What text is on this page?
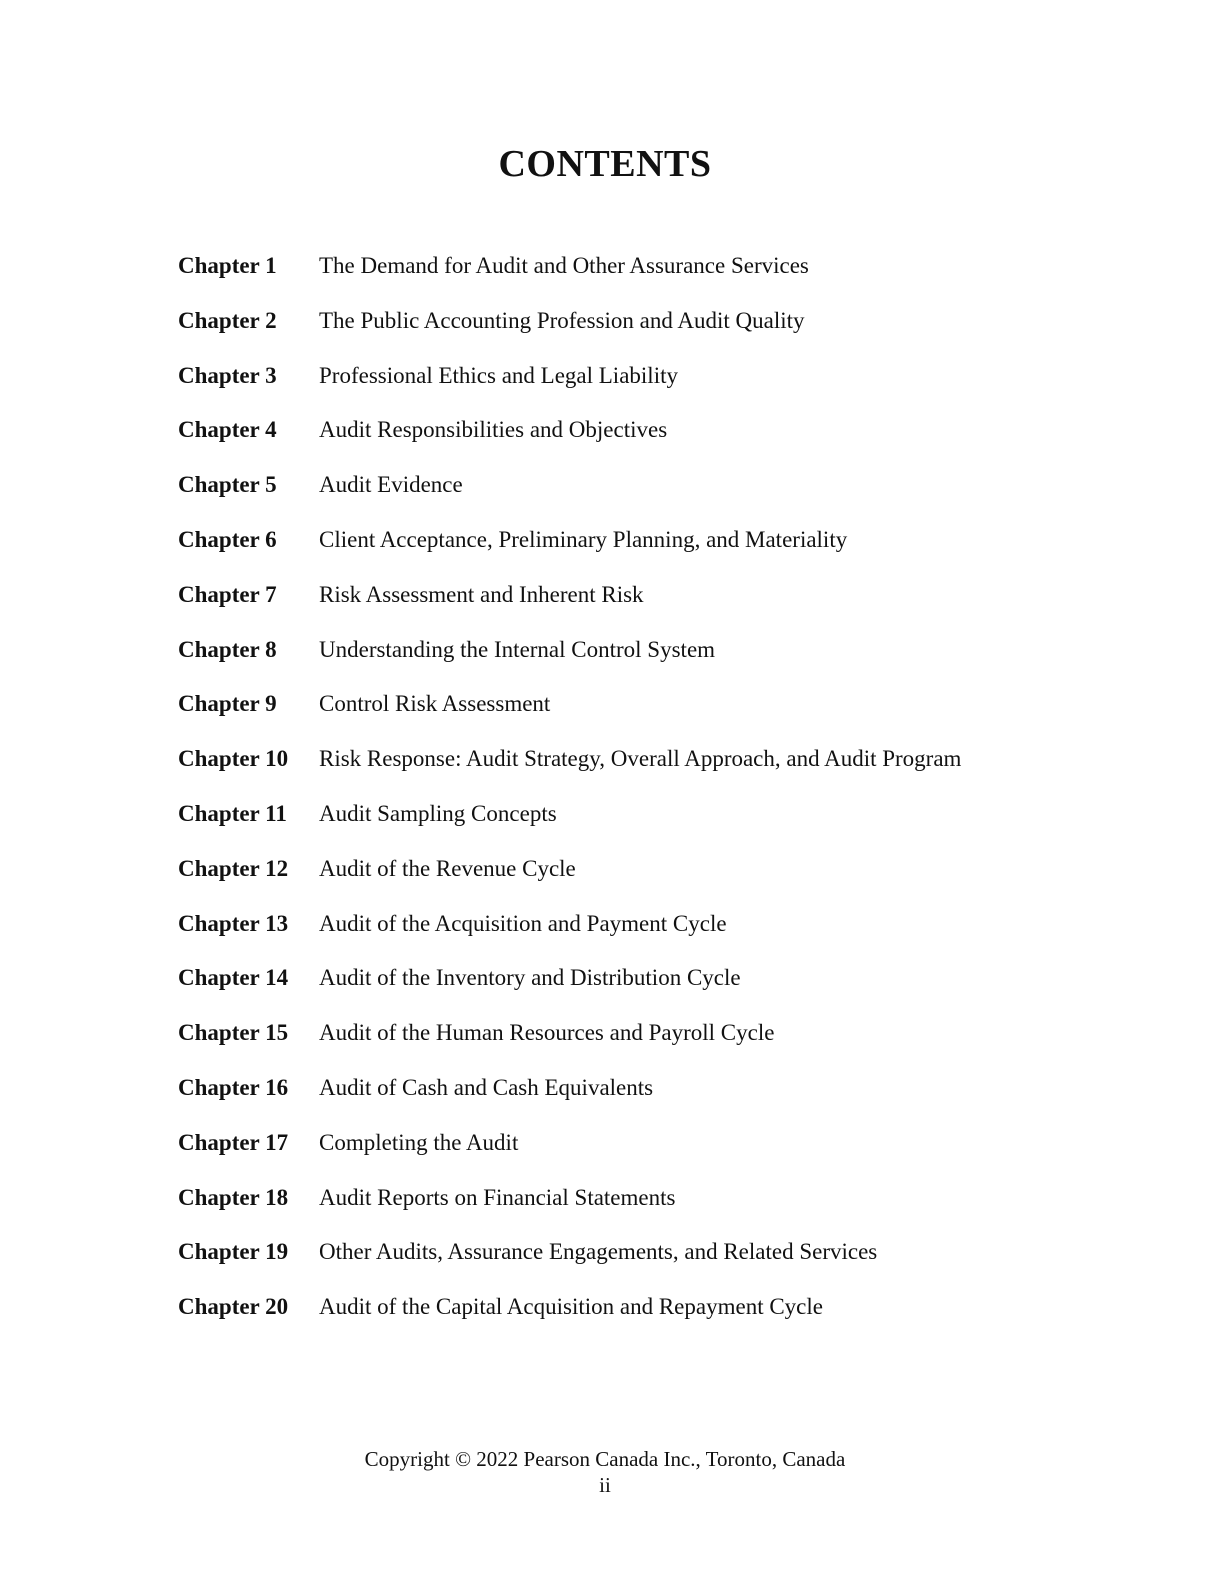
CONTENTS
Chapter 1	The Demand for Audit and Other Assurance Services
Chapter 2	The Public Accounting Profession and Audit Quality
Chapter 3	Professional Ethics and Legal Liability
Chapter 4	Audit Responsibilities and Objectives
Chapter 5	Audit Evidence
Chapter 6	Client Acceptance, Preliminary Planning, and Materiality
Chapter 7	Risk Assessment and Inherent Risk
Chapter 8	Understanding the Internal Control System
Chapter 9	Control Risk Assessment
Chapter 10	Risk Response: Audit Strategy, Overall Approach, and Audit Program
Chapter 11	Audit Sampling Concepts
Chapter 12	Audit of the Revenue Cycle
Chapter 13	Audit of the Acquisition and Payment Cycle
Chapter 14	Audit of the Inventory and Distribution Cycle
Chapter 15	Audit of the Human Resources and Payroll Cycle
Chapter 16	Audit of Cash and Cash Equivalents
Chapter 17	Completing the Audit
Chapter 18	Audit Reports on Financial Statements
Chapter 19	Other Audits, Assurance Engagements, and Related Services
Chapter 20	Audit of the Capital Acquisition and Repayment Cycle
Copyright © 2022 Pearson Canada Inc., Toronto, Canada
ii
